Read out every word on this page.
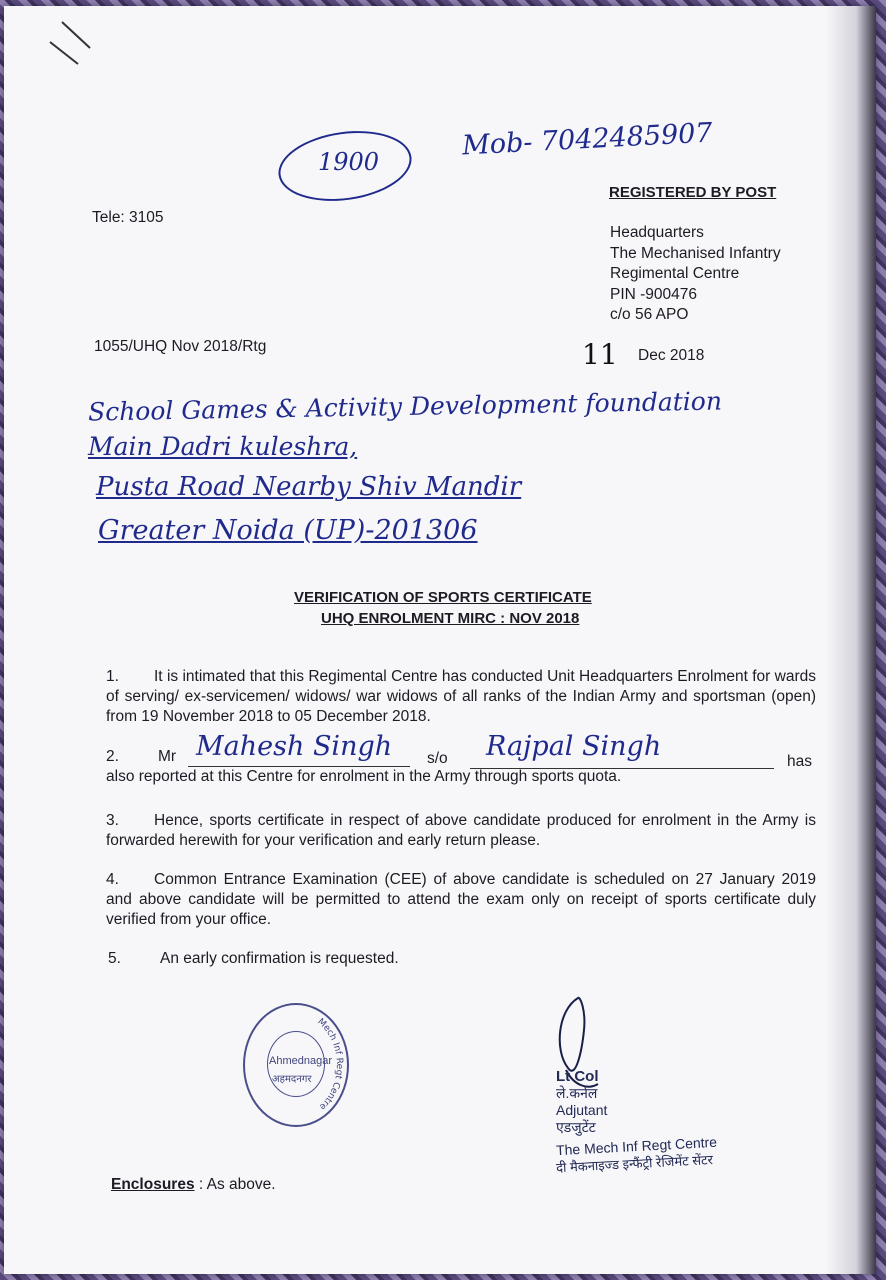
1900
Mob- 7042485907
REGISTERED BY POST
Tele: 3105
Headquarters
The Mechanised Infantry
Regimental Centre
PIN -900476
c/o 56 APO
1055/UHQ Nov 2018/Rtg	11 Dec 2018
School Games & Activity Development foundation
Main Dadri kuleshra,
Pusta Road Nearby Shiv Mandir
Greater Noida (UP)-201306
VERIFICATION OF SPORTS CERTIFICATE
UHQ ENROLMENT MIRC : NOV 2018
1. It is intimated that this Regimental Centre has conducted Unit Headquarters Enrolment for wards of serving/ ex-servicemen/ widows/ war widows of all ranks of the Indian Army and sportsman (open) from 19 November 2018 to 05 December 2018.
2.	Mr Mahesh Singh s/o Rajpal Singh	has
also reported at this Centre for enrolment in the Army through sports quota.
3. Hence, sports certificate in respect of above candidate produced for enrolment in the Army is forwarded herewith for your verification and early return please.
4. Common Entrance Examination (CEE) of above candidate is scheduled on 27 January 2019 and above candidate will be permitted to attend the exam only on receipt of sports certificate duly verified from your office.
5.	An early confirmation is requested.
Mech Inf Regt Centre
Ahmednagar
अहमदनगर	Lt Col
ले.कर्नल
Adjutant
एडजुटेंट
The Mech Inf Regt Centre
दी मैकनाइज्ड इन्फैंट्री रेजिमेंट सेंटर
Enclosures : As above.
